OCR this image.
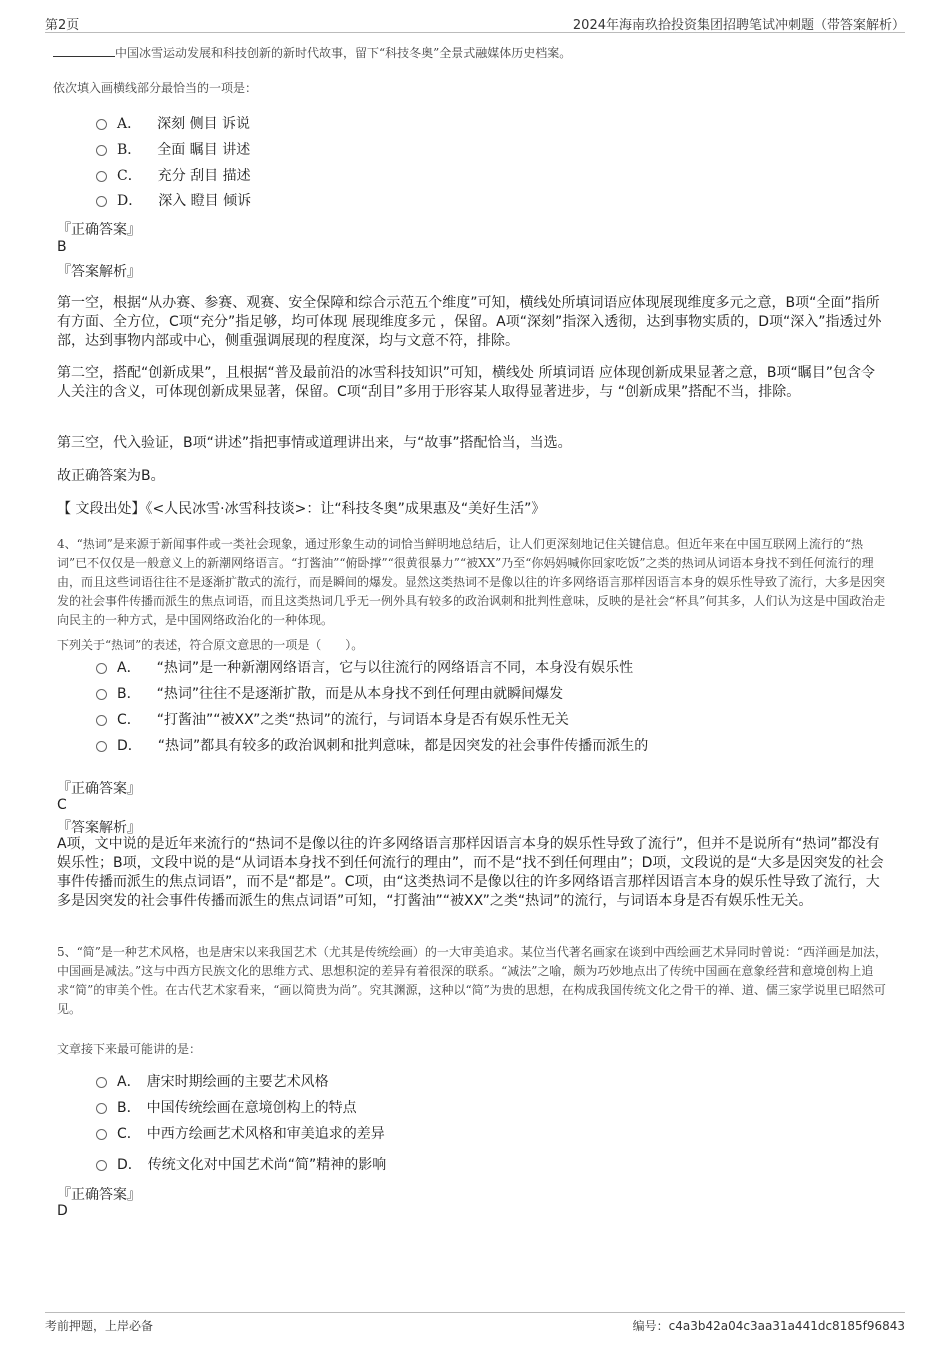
第2页	2024年海南玖拾投资集团招聘笔试冲刺题（带答案解析）
中国冰雪运动发展和科技创新的新时代故事，留下“科技冬奥”全景式融媒体历史档案。
依次填入画横线部分最恰当的一项是：
A． 深刻 侧目 诉说
B． 全面 瞩目 讲述
C． 充分 刮目 描述
D． 深入 瞪目 倾诉
『正确答案』
B
『答案解析』
第一空，根据“从办赛、参赛、观赛、安全保障和综合示范五个维度”可知，横线处所填词语应体现展现维度多元之意，B项“全面”指所有方面、全方位，C项“充分”指足够，均可体现 展现维度多元 ，保留。A项“深刻”指深入透彻，达到事物实质的，D项“深入”指透过外部，达到事物内部或中心，侧重强调展现的程度深，均与文意不符，排除。
第二空，搭配“创新成果”，且根据“普及最前沿的冰雪科技知识”可知，横线处 所填词语 应体现创新成果显著之意，B项“瞩目”包含令人关注的含义，可体现创新成果显著，保留。C项“刮目”多用于形容某人取得显著进步，与 “创新成果”搭配不当，排除。
第三空，代入验证，B项“讲述”指把事情或道理讲出来，与“故事”搭配恰当，当选。
故正确答案为B。
【 文段出处】《<人民冰雪·冰雪科技谈>：让“科技冬奥”成果惠及“美好生活”》
4、“热词”是来源于新闻事件或一类社会现象，通过形象生动的词恰当鲜明地总结后，让人们更深刻地记住关键信息。但近年来在中国互联网上流行的“热词”已不仅仅是一般意义上的新潮网络语言。“打酱油”“俯卧撑”“很黄很暴力”“被XX”乃至“你妈妈喊你回家吃饭”之类的热词从词语本身找不到任何流行的理由，而且这些词语往往不是逐渐扩散式的流行，而是瞬间的爆发。显然这类热词不是像以往的许多网络语言那样因语言本身的娱乐性导致了流行，大多是因突发的社会事件传播而派生的焦点词语，而且这类热词几乎无一例外具有较多的政治讽刺和批判性意味，反映的是社会“杯具”何其多，人们认为这是中国政治走向民主的一种方式，是中国网络政治化的一种体现。
下列关于“热词”的表述，符合原文意思的一项是（　　）。
A． “热词”是一种新潮网络语言，它与以往流行的网络语言不同，本身没有娱乐性
B． “热词”往往不是逐渐扩散，而是从本身找不到任何理由就瞬间爆发
C． “打酱油”“被XX”之类“热词”的流行，与词语本身是否有娱乐性无关
D． “热词”都具有较多的政治讽刺和批判意味，都是因突发的社会事件传播而派生的
『正确答案』
C
『答案解析』
A项，文中说的是近年来流行的“热词不是像以往的许多网络语言那样因语言本身的娱乐性导致了流行”，但并不是说所有“热词”都没有娱乐性；B项，文段中说的是“从词语本身找不到任何流行的理由”，而不是“找不到任何理由”；D项，文段说的是“大多是因突发的社会事件传播而派生的焦点词语”，而不是“都是”。C项，由“这类热词不是像以往的许多网络语言那样因语言本身的娱乐性导致了流行，大多是因突发的社会事件传播而派生的焦点词语”可知，“打酱油”“被XX”之类“热词”的流行，与词语本身是否有娱乐性无关。
5、“简”是一种艺术风格，也是唐宋以来我国艺术（尤其是传统绘画）的一大审美追求。某位当代著名画家在谈到中西绘画艺术异同时曾说：“西洋画是加法，中国画是减法。”这与中西方民族文化的思维方式、思想积淀的差异有着很深的联系。“减法”之喻，颇为巧妙地点出了传统中国画在意象经营和意境创构上追求“简”的审美个性。在古代艺术家看来，“画以简贵为尚”。究其渊源，这种以“简”为贵的思想，在构成我国传统文化之骨干的禅、道、儒三家学说里已昭然可见。
文章接下来最可能讲的是：
A． 唐宋时期绘画的主要艺术风格
B． 中国传统绘画在意境创构上的特点
C． 中西方绘画艺术风格和审美追求的差异
D． 传统文化对中国艺术尚“简”精神的影响
『正确答案』
D
考前押题，上岸必备	编号：c4a3b42a04c3aa31a441dc8185f96843
